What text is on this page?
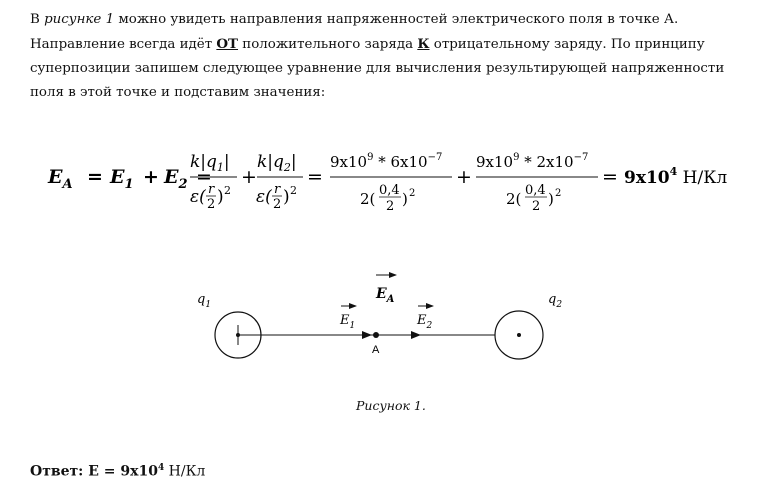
В рисунке 1 можно увидеть направления напряженностей электрического поля в точке А. Направление всегда идёт ОТ положительного заряда К отрицательному заряду. По принципу суперпозиции запишем следующее уравнение для вычисления результирующей напряженности поля в этой точке и подставим значения:

$E_A = E_1 + E_2$ =
$k|q_1|$
ε( r
2 ) 2
+
$k|q_2|$
ε( r
2 ) 2
=
$9x10^9 * 6x10^{-7}$
2( 0,4
2 ) 2
+
$9x10^9 * 2x10^{-7}$
2( 0,4
2 ) 2
= $9x10^4$ Н/Кл
A
$q_1$	$q_2$
$E_A$
$E_1$	$E_2$
Рисунок 1.
Ответ: $E = 9x10^4$ Н/Кл
